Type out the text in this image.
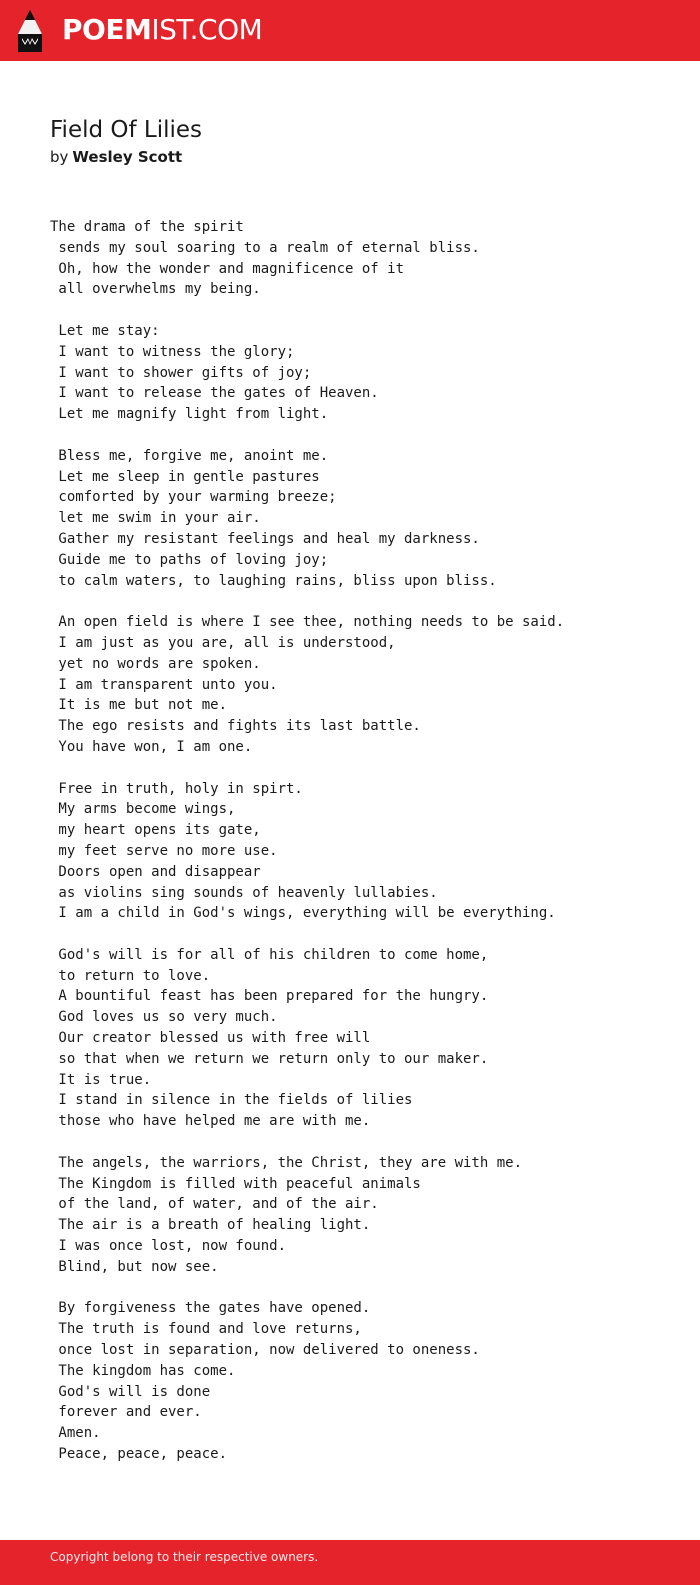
POEMIST.COM
Field Of Lilies
by Wesley Scott
The drama of the spirit
sends my soul soaring to a realm of eternal bliss.
Oh, how the wonder and magnificence of it
all overwhelms my being.

Let me stay:
I want to witness the glory;
I want to shower gifts of joy;
I want to release the gates of Heaven.
Let me magnify light from light.

Bless me, forgive me, anoint me.
Let me sleep in gentle pastures
comforted by your warming breeze;
let me swim in your air.
Gather my resistant feelings and heal my darkness.
Guide me to paths of loving joy;
to calm waters, to laughing rains, bliss upon bliss.

An open field is where I see thee, nothing needs to be said.
I am just as you are, all is understood,
yet no words are spoken.
I am transparent unto you.
It is me but not me.
The ego resists and fights its last battle.
You have won, I am one.

Free in truth, holy in spirt.
My arms become wings,
my heart opens its gate,
my feet serve no more use.
Doors open and disappear
as violins sing sounds of heavenly lullabies.
I am a child in God's wings, everything will be everything.

God's will is for all of his children to come home,
to return to love.
A bountiful feast has been prepared for the hungry.
God loves us so very much.
Our creator blessed us with free will
so that when we return we return only to our maker.
It is true.
I stand in silence in the fields of lilies
those who have helped me are with me.

The angels, the warriors, the Christ, they are with me.
The Kingdom is filled with peaceful animals
of the land, of water, and of the air.
The air is a breath of healing light.
I was once lost, now found.
Blind, but now see.

By forgiveness the gates have opened.
The truth is found and love returns,
once lost in separation, now delivered to oneness.
The kingdom has come.
God's will is done
forever and ever.
Amen.
Peace, peace, peace.
Copyright belong to their respective owners.
